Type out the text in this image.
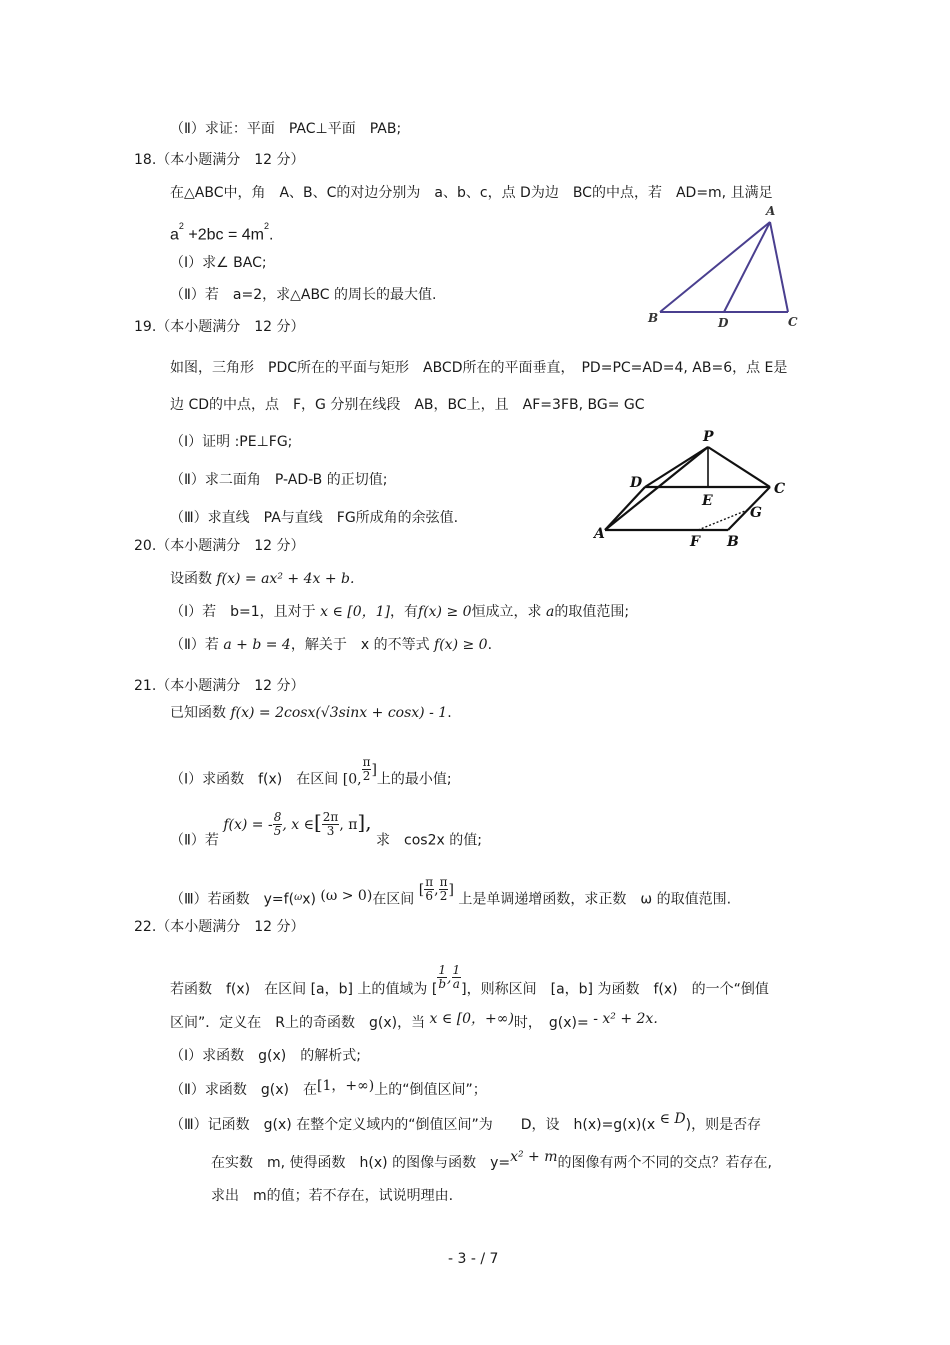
（Ⅱ）求证：平面　PAC⊥平面　PAB;
18.（本小题满分　12 分）
在△ABC中，角　A、B、C的对边分别为　a、b、c，点 D为边　BC的中点，若　AD=m, 且满足
$a^2 +2bc = 4m^2$.
（Ⅰ）求∠ BAC;
（Ⅱ）若　a=2，求△ABC 的周长的最大值.
A
B	D	C
19.（本小题满分　12 分）
如图，三角形　PDC所在的平面与矩形　ABCD所在的平面垂直，　PD=PC=AD=4, AB=6，点 E是
边 CD的中点，点　F，G 分别在线段　AB，BC上，且　AF=3FB, BG= GC
（Ⅰ）证明 :PE⊥FG;
（Ⅱ）求二面角　P-AD-B 的正切值;
（Ⅲ）求直线　PA与直线　FG所成角的余弦值.
P
D
E
C
A	F B
G
20.（本小题满分　12 分）
设函数 f(x) = ax² + 4x + b.
（Ⅰ）若　b=1，且对于 x ∈ [0，1]，有f(x) ≥ 0恒成立，求 a的取值范围;
（Ⅱ）若 a + b = 4，解关于　x 的不等式 f(x) ≥ 0.
21.（本小题满分　12 分）
已知函数 f(x) = 2cosx(√3sinx + cosx) - 1.
（Ⅰ）求函数　f(x)　在区间 [0, $\frac{\pi}{2}$ ]上的最小值;
（Ⅱ）若 f(x) = - $\frac{8}{5}$ , x ∈[ $\frac{2\pi}{3}$ , π], 求　cos2x 的值;
（Ⅲ）若函数　y=f($^\omega$x) (ω > 0)在区间 [ $\frac{\pi}{6}$ , $\frac{\pi}{2}$ ] 上是单调递增函数，求正数　ω 的取值范围.
22.（本小题满分　12 分）
若函数　f(x)　在区间 [a，b] 上的值域为 [ $\frac{1}{b}$ , $\frac{1}{a}$ ]，则称区间　[a，b] 为函数　f(x)　的一个“倒值
区间”．定义在　R上的奇函数　g(x)，当 x ∈ [0，+∞)时，　g(x)= - x² + 2x.
（Ⅰ）求函数　g(x)　的解析式;
（Ⅱ）求函数　g(x)　在[1，+∞)上的“倒值区间”；
（Ⅲ）记函数　g(x) 在整个定义域内的“倒值区间”为　　D，设　h(x)=g(x)(x ∈ D)，则是否存
在实数　m, 使得函数　h(x) 的图像与函数　y=x² + m的图像有两个不同的交点？若存在,
求出　m的值；若不存在，试说明理由.
- 3 - / 7
